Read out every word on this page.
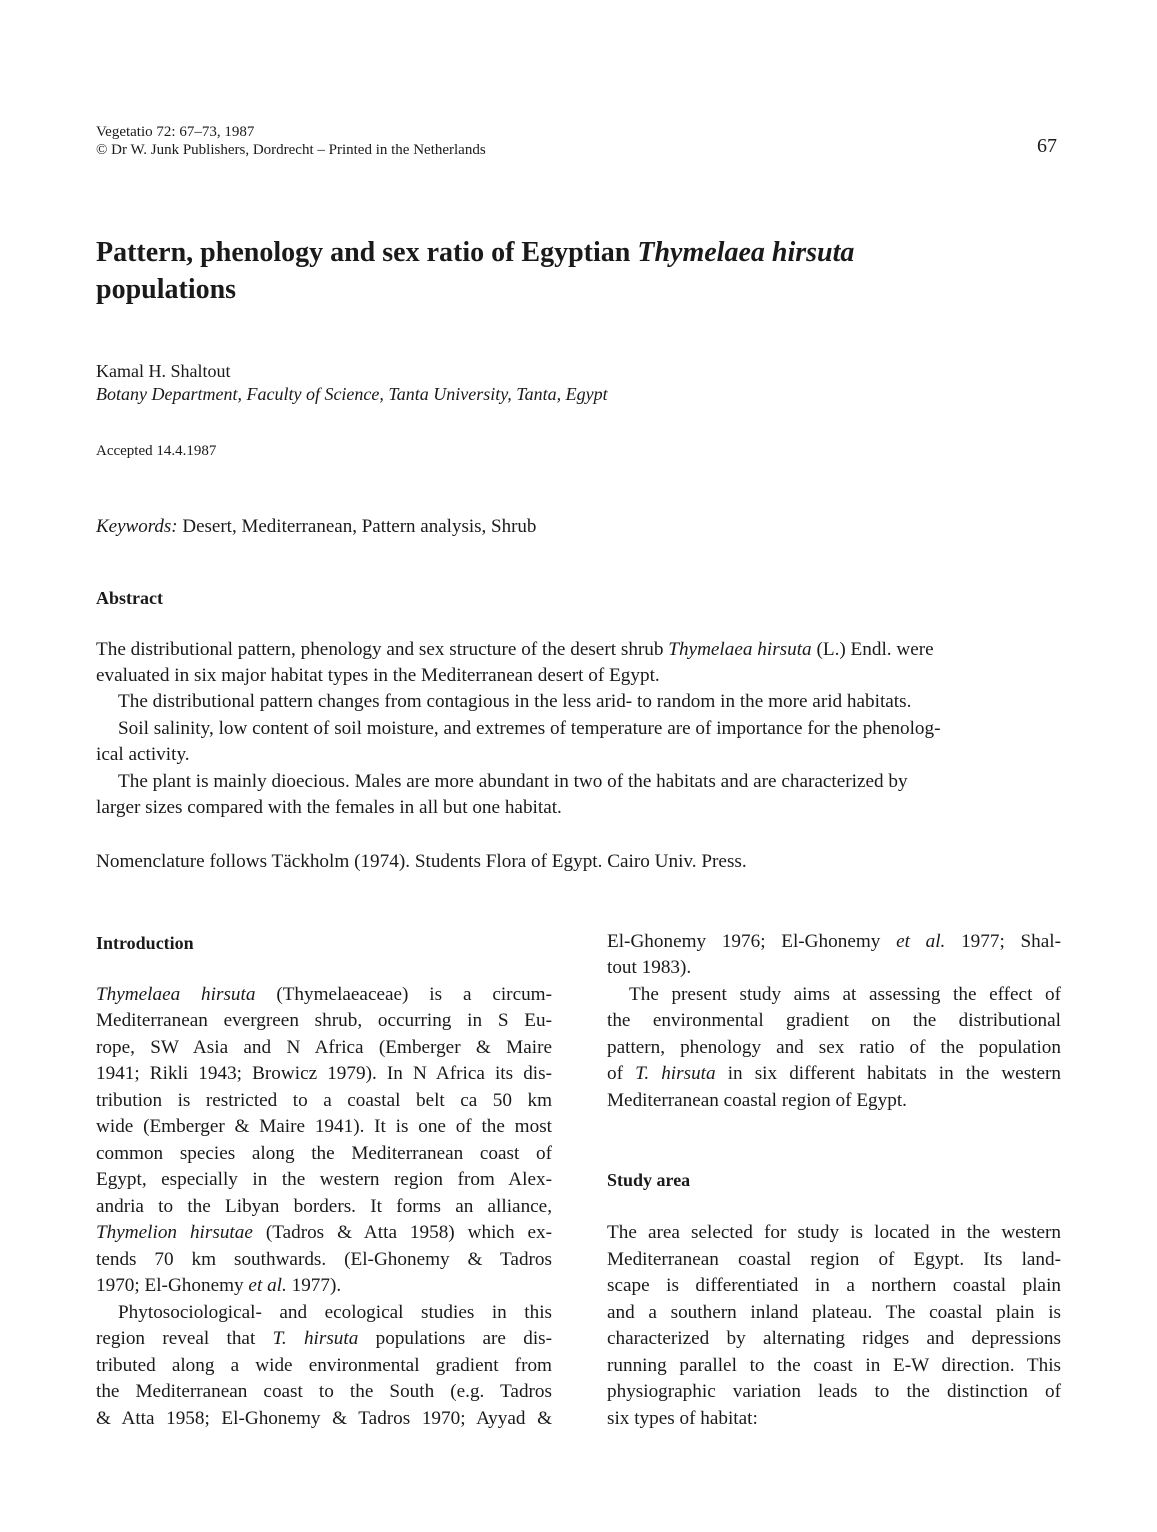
Vegetatio 72: 67–73, 1987
© Dr W. Junk Publishers, Dordrecht – Printed in the Netherlands	67
Pattern, phenology and sex ratio of Egyptian Thymelaea hirsuta
populations
Kamal H. Shaltout
Botany Department, Faculty of Science, Tanta University, Tanta, Egypt
Accepted 14.4.1987
Keywords: Desert, Mediterranean, Pattern analysis, Shrub
Abstract
The distributional pattern, phenology and sex structure of the desert shrub Thymelaea hirsuta (L.) Endl. were
evaluated in six major habitat types in the Mediterranean desert of Egypt.
The distributional pattern changes from contagious in the less arid- to random in the more arid habitats.
Soil salinity, low content of soil moisture, and extremes of temperature are of importance for the phenolog-
ical activity.
The plant is mainly dioecious. Males are more abundant in two of the habitats and are characterized by
larger sizes compared with the females in all but one habitat.
Nomenclature follows Täckholm (1974). Students Flora of Egypt. Cairo Univ. Press.
Introduction
Thymelaea hirsuta (Thymelaeaceae) is a circum-
Mediterranean evergreen shrub, occurring in S Eu-
rope, SW Asia and N Africa (Emberger & Maire
1941; Rikli 1943; Browicz 1979). In N Africa its dis-
tribution is restricted to a coastal belt ca 50 km
wide (Emberger & Maire 1941). It is one of the most
common species along the Mediterranean coast of
Egypt, especially in the western region from Alex-
andria to the Libyan borders. It forms an alliance,
Thymelion hirsutae (Tadros & Atta 1958) which ex-
tends 70 km southwards. (El-Ghonemy & Tadros
1970; El-Ghonemy et al. 1977).
Phytosociological- and ecological studies in this
region reveal that T. hirsuta populations are dis-
tributed along a wide environmental gradient from
the Mediterranean coast to the South (e.g. Tadros
& Atta 1958; El-Ghonemy & Tadros 1970; Ayyad &
El-Ghonemy 1976; El-Ghonemy et al. 1977; Shal-
tout 1983).
The present study aims at assessing the effect of
the environmental gradient on the distributional
pattern, phenology and sex ratio of the population
of T. hirsuta in six different habitats in the western
Mediterranean coastal region of Egypt.
Study area
The area selected for study is located in the western
Mediterranean coastal region of Egypt. Its land-
scape is differentiated in a northern coastal plain
and a southern inland plateau. The coastal plain is
characterized by alternating ridges and depressions
running parallel to the coast in E-W direction. This
physiographic variation leads to the distinction of
six types of habitat:
